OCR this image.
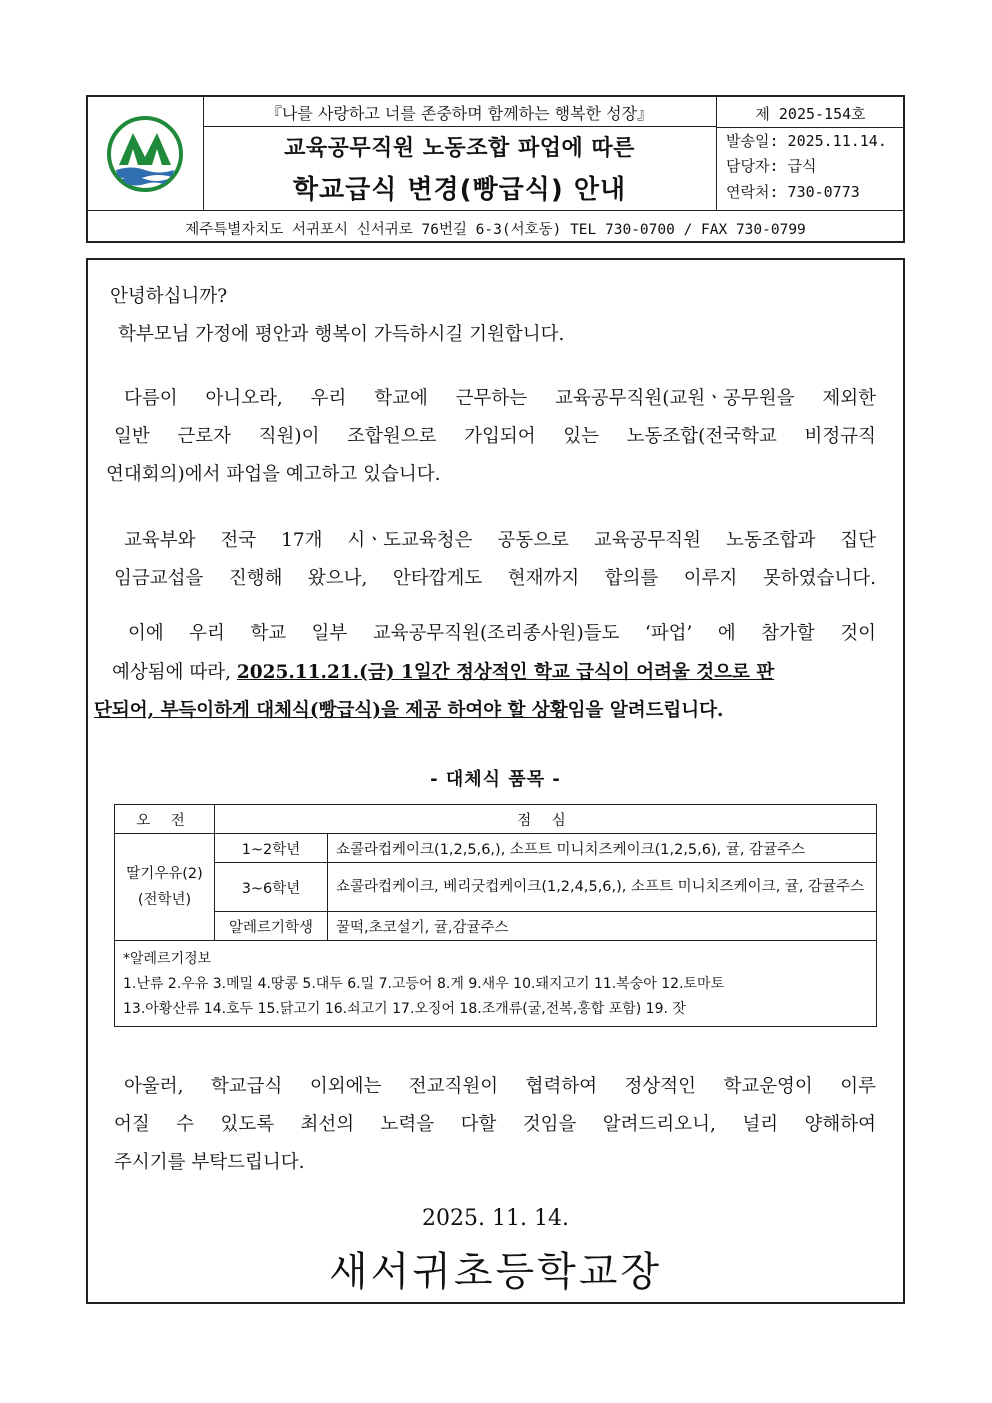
『나를 사랑하고 너를 존중하며 함께하는 행복한 성장』
교육공무직원 노동조합 파업에 따른
학교급식 변경(빵급식) 안내
제 2025-154호
발송일: 2025.11.14.
담당자: 급식
연락처: 730-0773
제주특별자치도 서귀포시 신서귀로 76번길 6-3(서호동) TEL 730-0700 / FAX 730-0799
안녕하십니까?
학부모님 가정에 평안과 행복이 가득하시길 기원합니다.
다름이 아니오라, 우리 학교에 근무하는 교육공무직원(교원ㆍ공무원을 제외한
일반 근로자 직원)이 조합원으로 가입되어 있는 노동조합(전국학교 비정규직
연대회의)에서 파업을 예고하고 있습니다.
교육부와 전국 17개 시ㆍ도교육청은 공동으로 교육공무직원 노동조합과 집단
임금교섭을 진행해 왔으나, 안타깝게도 현재까지 합의를 이루지 못하였습니다.
이에 우리 학교 일부 교육공무직원(조리종사원)들도 ‘파업’ 에 참가할 것이
예상됨에 따라, 2025.11.21.(금) 1일간 정상적인 학교 급식이 어려울 것으로 판
단되어, 부득이하게 대체식(빵급식)을 제공 하여야 할 상황임을 알려드립니다.
- 대체식 품목 -
오 전	점 심	

딸기우유(2)
(전학년)	1~2학년	쇼콜라컵케이크(1,2,5,6,), 소프트 미니치즈케이크(1,2,5,6), 귤, 감귤주스
	3~6학년	쇼콜라컵케이크, 베리굿컵케이크(1,2,4,5,6,), 소프트 미니치즈케이크, 귤, 감귤주스
	알레르기학생	꿀떡,초코설기, 귤,감귤주스

*알레르기정보
1.난류 2.우유 3.메밀 4.땅콩 5.대두 6.밀 7.고등어 8.게 9.새우 10.돼지고기 11.복숭아 12.토마토
13.아황산류 14.호두 15.닭고기 16.쇠고기 17.오징어 18.조개류(굴,전복,홍합 포함) 19. 잣		
아울러, 학교급식 이외에는 전교직원이 협력하여 정상적인 학교운영이 이루
어질 수 있도록 최선의 노력을 다할 것임을 알려드리오니, 널리 양해하여
주시기를 부탁드립니다.
2025. 11. 14.
새서귀초등학교장
